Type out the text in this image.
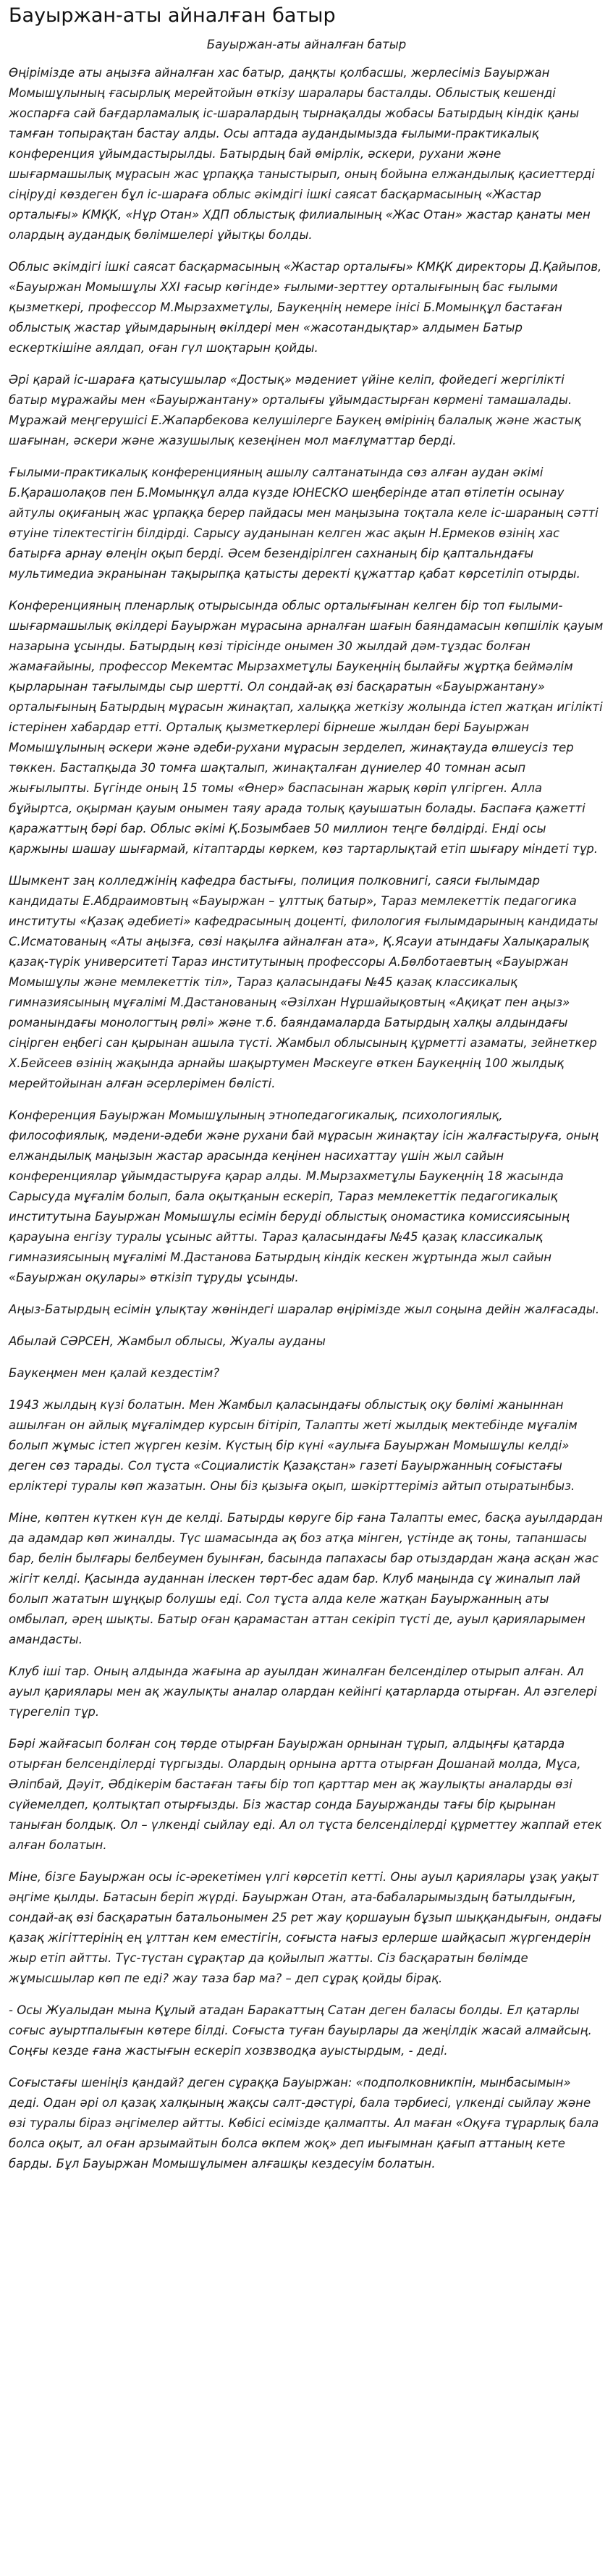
Бауыржан-аты айналған батыр
Бауыржан-аты айналған батыр

Өңірімізде аты аңызға айналған хас батыр, даңқты қолбасшы, жерлесіміз Бауыржан Момышұлының ғасырлық мерейтойын өткізу шаралары басталды. Облыстық кешенді жоспарға сай бағдарламалық іс-шаралардың тырнақалды жобасы Батырдың кіндік қаны тамған топырақтан бастау алды. Осы аптада аудандымызда ғылыми-практикалық конференция ұйымдастырылды. Батырдың бай өмірлік, әскери, рухани және шығармашылық мұрасын жас ұрпаққа таныстырып, оның бойына елжандылық қасиеттерді сіңіруді көздеген бұл іс-шараға облыс әкімдігі ішкі саясат басқармасының «Жастар орталығы» КМҚК, «Нұр Отан» ХДП облыстық филиалының «Жас Отан» жастар қанаты мен олардың аудандық бөлімшелері ұйытқы болды.

Облыс әкімдігі ішкі саясат басқармасының «Жастар орталығы» КМҚК директоры Д.Қайыпов, «Бауыржан Момышұлы XXI ғасыр көгінде» ғылыми-зерттеу орталығының бас ғылыми қызметкері, профессор М.Мырзахметұлы, Баукеңнің немере інісі Б.Момынқұл бастаған облыстық жастар ұйымдарының өкілдері мен «жасотандықтар» алдымен Батыр ескерткішіне аялдап, оған гүл шоқтарын қойды.

Әрі қарай іс-шараға қатысушылар «Достық» мәдениет үйіне келіп, фойедегі жергілікті батыр мұражайы мен «Бауыржантану» орталығы ұйымдастырған көрмені тамашалады. Мұражай меңгерушісі Е.Жапарбекова келушілерге Баукең өмірінің балалық және жастық шағынан, әскери және жазушылық кезеңінен мол мағлұматтар берді.

Ғылыми-практикалық конференцияның ашылу салтанатында сөз алған аудан әкімі Б.Қарашолақов пен Б.Момынқұл алда күзде ЮНЕСКО шеңберінде атап өтілетін осынау айтулы оқиғаның жас ұрпаққа берер пайдасы мен маңызына тоқтала келе іс-шараның сәтті өтуіне тілектестігін білдірді. Сарысу ауданынан келген жас ақын Н.Ермеков өзінің хас батырға арнау өлеңін оқып берді. Әсем безендірілген сахнаның бір қаптальндағы мультимедиа экранынан тақырыпқа қатысты деректі құжаттар қабат көрсетіліп отырды.

Конференцияның пленарлық отырысында облыс орталығынан келген бір топ ғылыми-шығармашылық өкілдері Бауыржан мұрасына арналған шағын баяндамасын көпшілік қауым назарына ұсынды. Батырдың көзі тірісінде онымен 30 жылдай дәм-тұздас болған жамағайыны, профессор Мекемтас Мырзахметұлы Баукеңнің былайғы жұртқа беймәлім қырларынан тағылымды сыр шертті. Ол сондай-ақ өзі басқаратын «Бауыржантану» орталығының Батырдың мұрасын жинақтап, халыққа жеткізу жолында істеп жатқан игілікті істерінен хабардар етті. Орталық қызметкерлері бірнеше жылдан бері Бауыржан Момышұлының әскери және әдеби-рухани мұрасын зерделеп, жинақтауда өлшеусіз тер төккен. Бастапқыда 30 томға шақталып, жинақталған дүниелер 40 томнан асып жығылыпты. Бүгінде оның 15 томы «Өнер» баспасынан жарық көріп үлгірген. Алла бұйыртса, оқырман қауым онымен таяу арада толық қауышатын болады. Баспаға қажетті қаражаттың бәрі бар. Облыс әкімі Қ.Бозымбаев 50 миллион теңге бөлдірді. Енді осы қаржыны шашау шығармай, кітаптарды көркем, көз тартарлықтай етіп шығару міндеті тұр.

Шымкент заң колледжінің кафедра бастығы, полиция полковнигі, саяси ғылымдар кандидаты Е.Абдраимовтың «Бауыржан – ұлттық батыр», Тараз мемлекеттік педагогика институты «Қазақ әдебиеті» кафедрасының доценті, филология ғылымдарының кандидаты С.Исматованың «Аты аңызға, сөзі нақылға айналған ата», Қ.Ясауи атындағы Халықаралық қазақ-түрік университеті Тараз институтының профессоры А.Бөлботаевтың «Бауыржан Момышұлы және мемлекеттік тіл», Тараз қаласындағы №45 қазақ классикалық гимназиясының мұғалімі М.Дастанованың «Әзілхан Нұршайықовтың «Ақиқат пен аңыз» романындағы монологтың рөлі» және т.б. баяндамаларда Батырдың халқы алдындағы сіңірген еңбегі сан қырынан ашыла түсті. Жамбыл облысының құрметті азаматы, зейнеткер Х.Бейсеев өзінің жақында арнайы шақыртумен Мәскеуге өткен Баукеңнің 100 жылдық мерейтойынан алған әсерлерімен бөлісті.

Конференция Бауыржан Момышұлының этнопедагогикалық, психологиялық, философиялық, мәдени-әдеби және рухани бай мұрасын жинақтау ісін жалғастыруға, оның елжандылық маңызын жастар арасында кеңінен насихаттау үшін жыл сайын конференциялар ұйымдастыруға қарар алды. М.Мырзахметұлы Баукеңнің 18 жасында Сарысуда мұғалім болып, бала оқытқанын ескеріп, Тараз мемлекеттік педагогикалық институтына Бауыржан Момышұлы есімін беруді облыстық ономастика комиссиясының қарауына енгізу туралы ұсыныс айтты. Тараз қаласындағы №45 қазақ классикалық гимназиясының мұғалімі М.Дастанова Батырдың кіндік кескен жұртында жыл сайын «Бауыржан оқулары» өткізіп тұруды ұсынды.

Аңыз-Батырдың есімін ұлықтау жөніндегі шаралар өңірімізде жыл соңына дейін жалғасады.

Абылай СӘРСЕН, Жамбыл облысы, Жуалы ауданы

Баукеңмен мен қалай кездестім?

1943 жылдың күзі болатын. Мен Жамбыл қаласындағы облыстық оқу бөлімі жаныннан ашылған он айлық мұғалімдер курсын бітіріп, Талапты жеті жылдық мектебінде мұғалім болып жұмыс істеп жүрген кезім. Күстың бір күні «аулыға Бауыржан Момышұлы келді» деген сөз тарады. Сол тұста «Социалистік Қазақстан» газеті Бауыржанның соғыстағы ерліктері туралы көп жазатын. Оны біз қызыға оқып, шәкірттеріміз айтып отыратынбыз.

Міне, көптен күткен күн де келді. Батырды көруге бір ғана Талапты емес, басқа ауылдардан да адамдар көп жиналды. Түс шамасында ақ боз атқа мінген, үстінде ақ тоны, тапаншасы бар, белін былғары белбеумен буынған, басында папахасы бар отыздардан жаңа асқан жас жігіт келді. Қасында ауданнан ілескен төрт-бес адам бар. Клуб маңында сұ жиналып лай болып жататын шұңқыр болушы еді. Сол тұста алда келе жатқан Бауыржанның аты омбылап, әрең шықты. Батыр оған қарамастан аттан секіріп түсті де, ауыл қарияларымен амандасты.

Клуб іші тар. Оның алдында жағына ар ауылдан жиналған белсенділер отырып алған. Ал ауыл қариялары мен ақ жаулықты аналар олардан кейінгі қатарларда отырған. Ал әзгелері түрегеліп тұр.

Бәрі жайғасып болған соң төрде отырған Бауыржан орнынан тұрып, алдыңғы қатарда отырған белсенділерді түргызды. Олардың орнына артта отырған Дошанай молда, Мұса, Әліпбай, Дәуіт, Әбдікерім бастаған тағы бір топ қарттар мен ақ жаулықты аналарды өзі сүйемелдеп, қолтықтап отырғызды. Біз жастар сонда Бауыржанды тағы бір қырынан таныған болдық. Ол – үлкенді сыйлау еді. Ал ол тұста белсенділерді құрметтеу жаппай етек алған болатын.

Міне, бізге Бауыржан осы іс-әрекетімен үлгі көрсетіп кетті. Оны ауыл қариялары ұзақ уақыт әңгіме қылды. Батасын беріп жүрді. Бауыржан Отан, ата-бабаларымыздың батылдығын, сондай-ақ өзі басқаратын батальонымен 25 рет жау қоршауын бұзып шыққандығын, ондағы қазақ жігіттерінің ең ұлттан кем еместігін, соғыста нағыз ерлерше шайқасып жүргендерін жыр етіп айтты. Түс-түстан сұрақтар да қойылып жатты. Сіз басқаратын бөлімде жұмысшылар көп пе еді? жау таза бар ма? – деп сұрақ қойды бірақ.

- Осы Жуалыдан мына Құлый атадан Баракаттың Сатан деген баласы болды. Ел қатарлы соғыс ауыртпалығын көтере білді. Соғыста туған бауырлары да жеңілдік жасай алмайсың. Соңғы кезде ғана жастығын ескеріп хозвзводқа ауыстырдым, - деді.

Соғыстағы шеніңіз қандай? деген сұраққа Бауыржан: «подполковникпін, мынбасымын» деді. Одан әрі ол қазақ халқының жақсы салт-дәстүрі, бала тәрбиесі, үлкенді сыйлау және өзі туралы біраз әңгімелер айтты. Көбісі есімізде қалмапты. Ал маған «Оқуға тұрарлық бала болса оқыт, ал оған арзымайтын болса өкпем жоқ» деп иығымнан қағып аттаның кете барды. Бұл Бауыржан Момышұлымен алғашқы кездесуім болатын.
